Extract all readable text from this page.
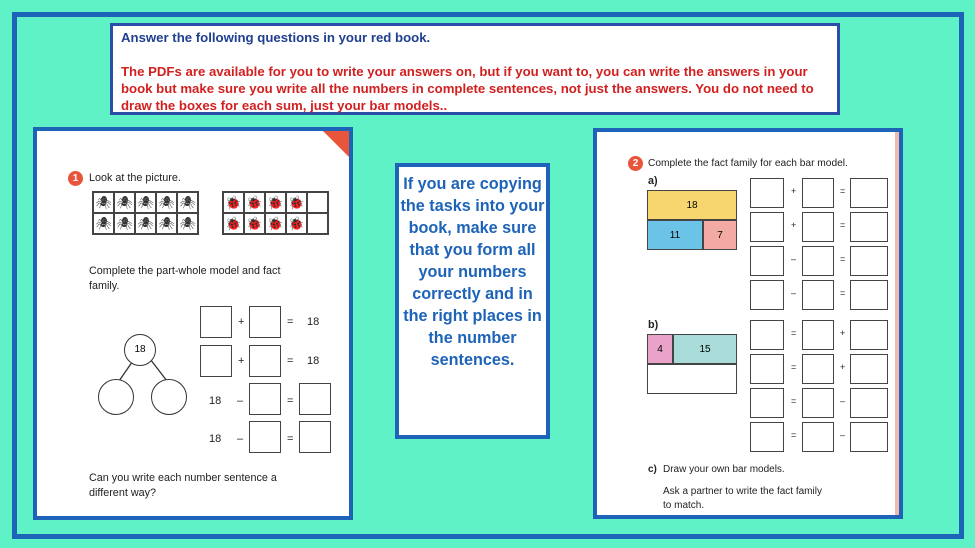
Answer the following questions in your red book.
The PDFs are available for you to write your answers on, but if you want to, you can write the answers in your book but make sure you write all the numbers in complete sentences, not just the answers. You do not need to draw the boxes for each sum, just your bar models..
1 Look at the picture.
🕷 🕷 🕷 🕷 🕷
🕷 🕷 🕷 🕷 🕷
🐞 🐞 🐞 🐞
🐞 🐞 🐞 🐞
Complete the part-whole model and fact family.
18
+	= 18
+	= 18
18 –	=
18 –	=
Can you write each number sentence a different way?
If you are copying the tasks into your book, make sure that you form all your numbers correctly and in the right places in the number sentences.
2 Complete the fact family for each bar model.
a)
18
11	7
+	=
+	=
–	=
–	=
b)
4	15
=	+
=	+
=	–
=	–
c) Draw your own bar models.
Ask a partner to write the fact family
to match.
